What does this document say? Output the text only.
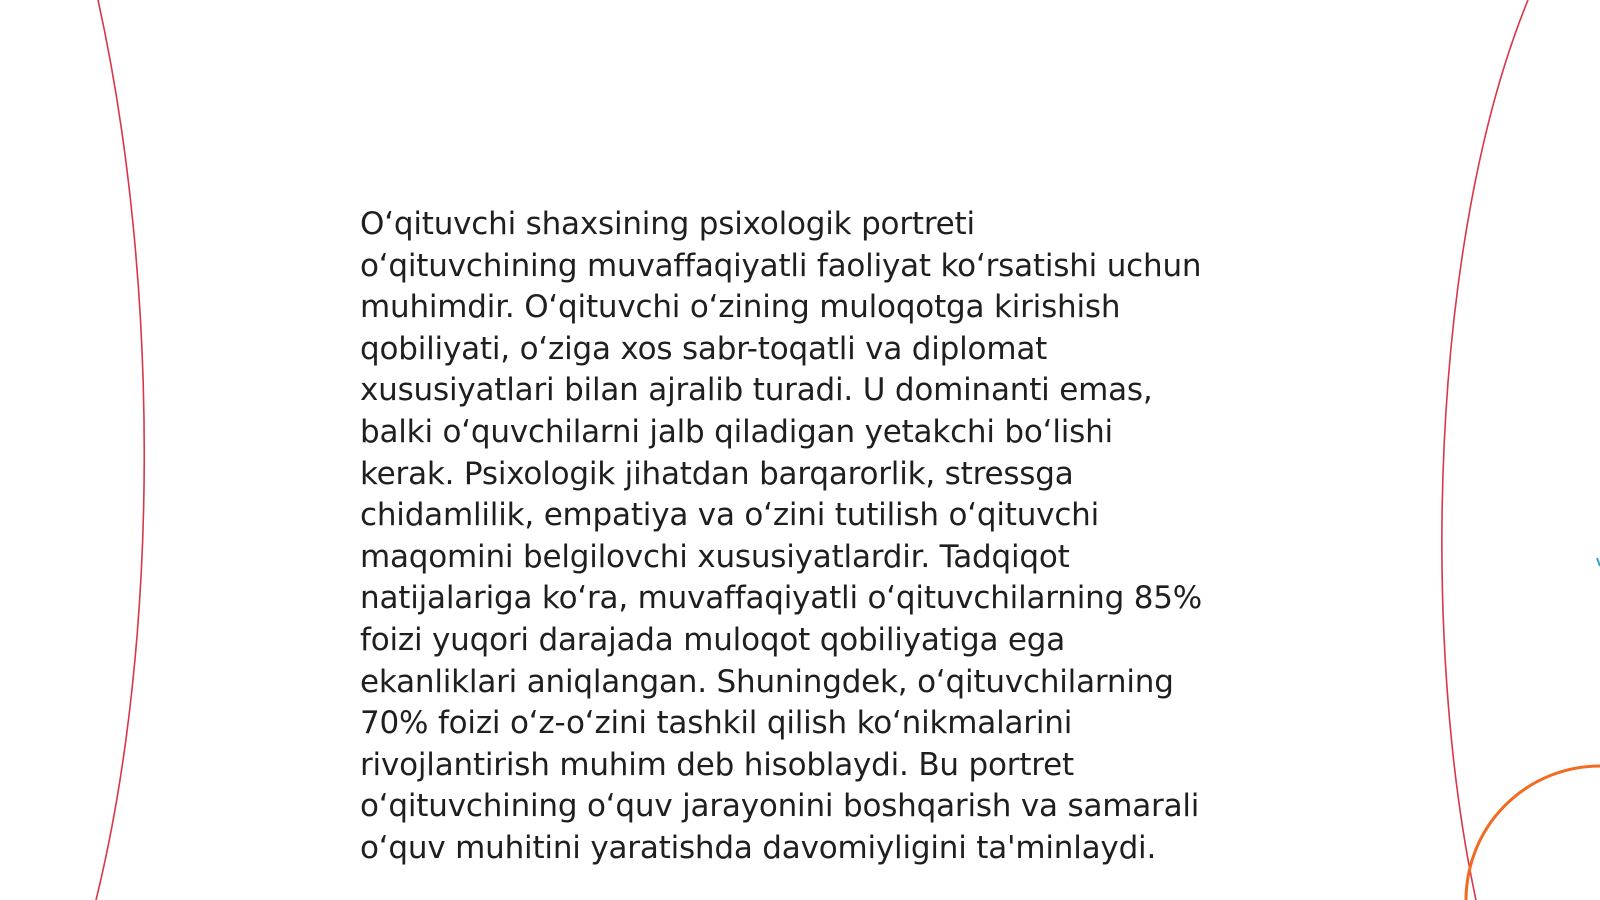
O‘qituvchi shaxsining psixologik portreti
o‘qituvchining muvaffaqiyatli faoliyat ko‘rsatishi uchun
muhimdir. O‘qituvchi o‘zining muloqotga kirishish
qobiliyati, o‘ziga xos sabr-toqatli va diplomat
xususiyatlari bilan ajralib turadi. U dominanti emas,
balki o‘quvchilarni jalb qiladigan yetakchi bo‘lishi
kerak. Psixologik jihatdan barqarorlik, stressga
chidamlilik, empatiya va o‘zini tutilish o‘qituvchi
maqomini belgilovchi xususiyatlardir. Tadqiqot
natijalariga ko‘ra, muvaffaqiyatli o‘qituvchilarning 85%
foizi yuqori darajada muloqot qobiliyatiga ega
ekanliklari aniqlangan. Shuningdek, o‘qituvchilarning
70% foizi o‘z-o‘zini tashkil qilish ko‘nikmalarini
rivojlantirish muhim deb hisoblaydi. Bu portret
o‘qituvchining o‘quv jarayonini boshqarish va samarali
o‘quv muhitini yaratishda davomiyligini ta'minlaydi.
